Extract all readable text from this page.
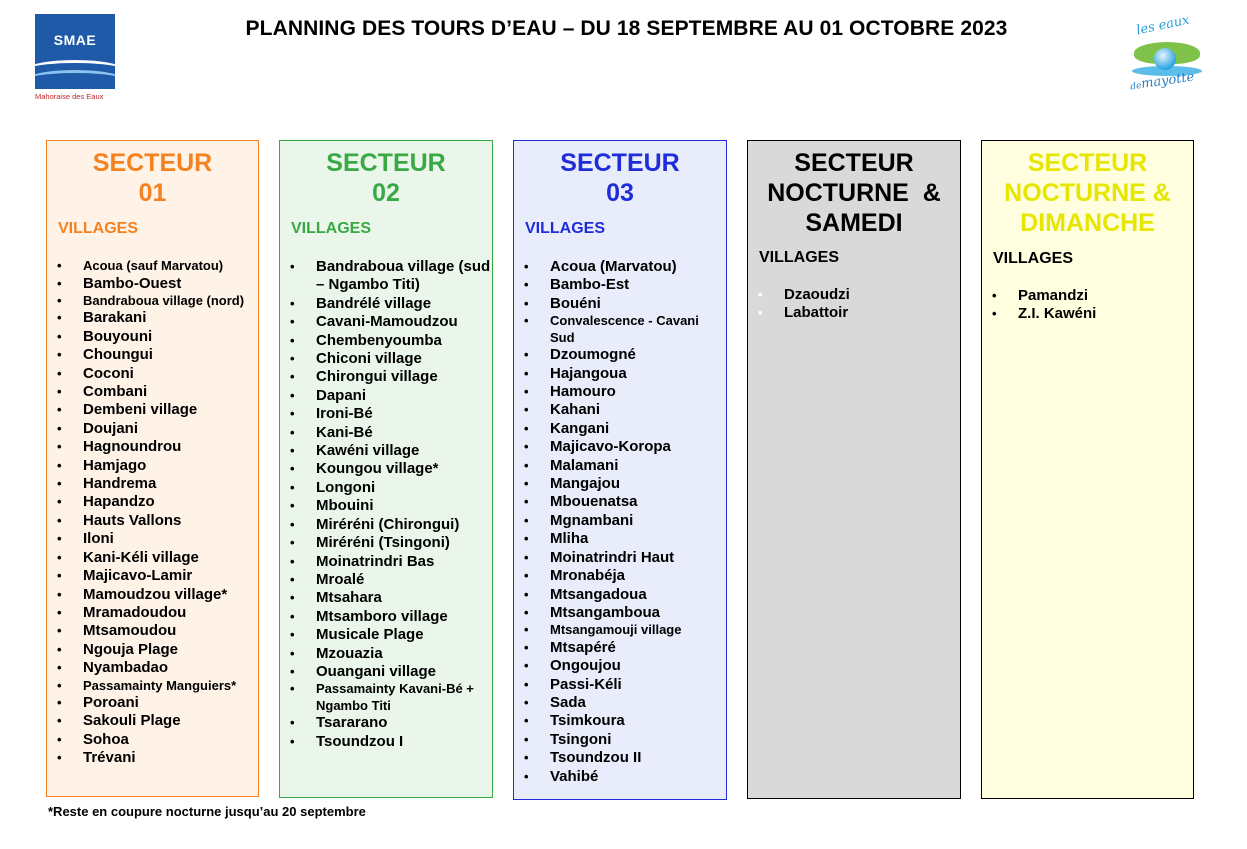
SMAE
Mahoraise des Eaux
PLANNING DES TOURS D’EAU – DU 18 SEPTEMBRE AU 01 OCTOBRE 2023	les eaux
demayotte
SECTEUR
01
VILLAGES
• Acoua (sauf Marvatou)
• Bambo-Ouest
• Bandraboua village (nord)
• Barakani
• Bouyouni
• Choungui
• Coconi
• Combani
• Dembeni village
• Doujani
• Hagnoundrou
• Hamjago
• Handrema
• Hapandzo
• Hauts Vallons
• Iloni
• Kani-Kéli village
• Majicavo-Lamir
• Mamoudzou village*
• Mramadoudou
• Mtsamoudou
• Ngouja Plage
• Nyambadao
• Passamainty Manguiers*
• Poroani
• Sakouli Plage
• Sohoa
• Trévani
SECTEUR
02
VILLAGES
• Bandraboua village (sud – Ngambo Titi)
• Bandrélé village
• Cavani-Mamoudzou
• Chembenyoumba
• Chiconi village
• Chirongui village
• Dapani
• Ironi-Bé
• Kani-Bé
• Kawéni village
• Koungou village*
• Longoni
• Mbouini
• Miréréni (Chirongui)
• Miréréni (Tsingoni)
• Moinatrindri Bas
• Mroalé
• Mtsahara
• Mtsamboro village
• Musicale Plage
• Mzouazia
• Ouangani village
• Passamainty Kavani-Bé + Ngambo Titi
• Tsararano
• Tsoundzou I
SECTEUR
03
VILLAGES
• Acoua (Marvatou)
• Bambo-Est
• Bouéni
• Convalescence - Cavani Sud
• Dzoumogné
• Hajangoua
• Hamouro
• Kahani
• Kangani
• Majicavo-Koropa
• Malamani
• Mangajou
• Mbouenatsa
• Mgnambani
• Mliha
• Moinatrindri Haut
• Mronabéja
• Mtsangadoua
• Mtsangamboua
• Mtsangamouji village
• Mtsapéré
• Ongoujou
• Passi-Kéli
• Sada
• Tsimkoura
• Tsingoni
• Tsoundzou II
• Vahibé
SECTEUR
NOCTURNE  &
SAMEDI
VILLAGES
• Dzaoudzi
• Labattoir
SECTEUR
NOCTURNE &
DIMANCHE
VILLAGES
• Pamandzi
• Z.I. Kawéni
*Reste en coupure nocturne jusqu’au 20 septembre
